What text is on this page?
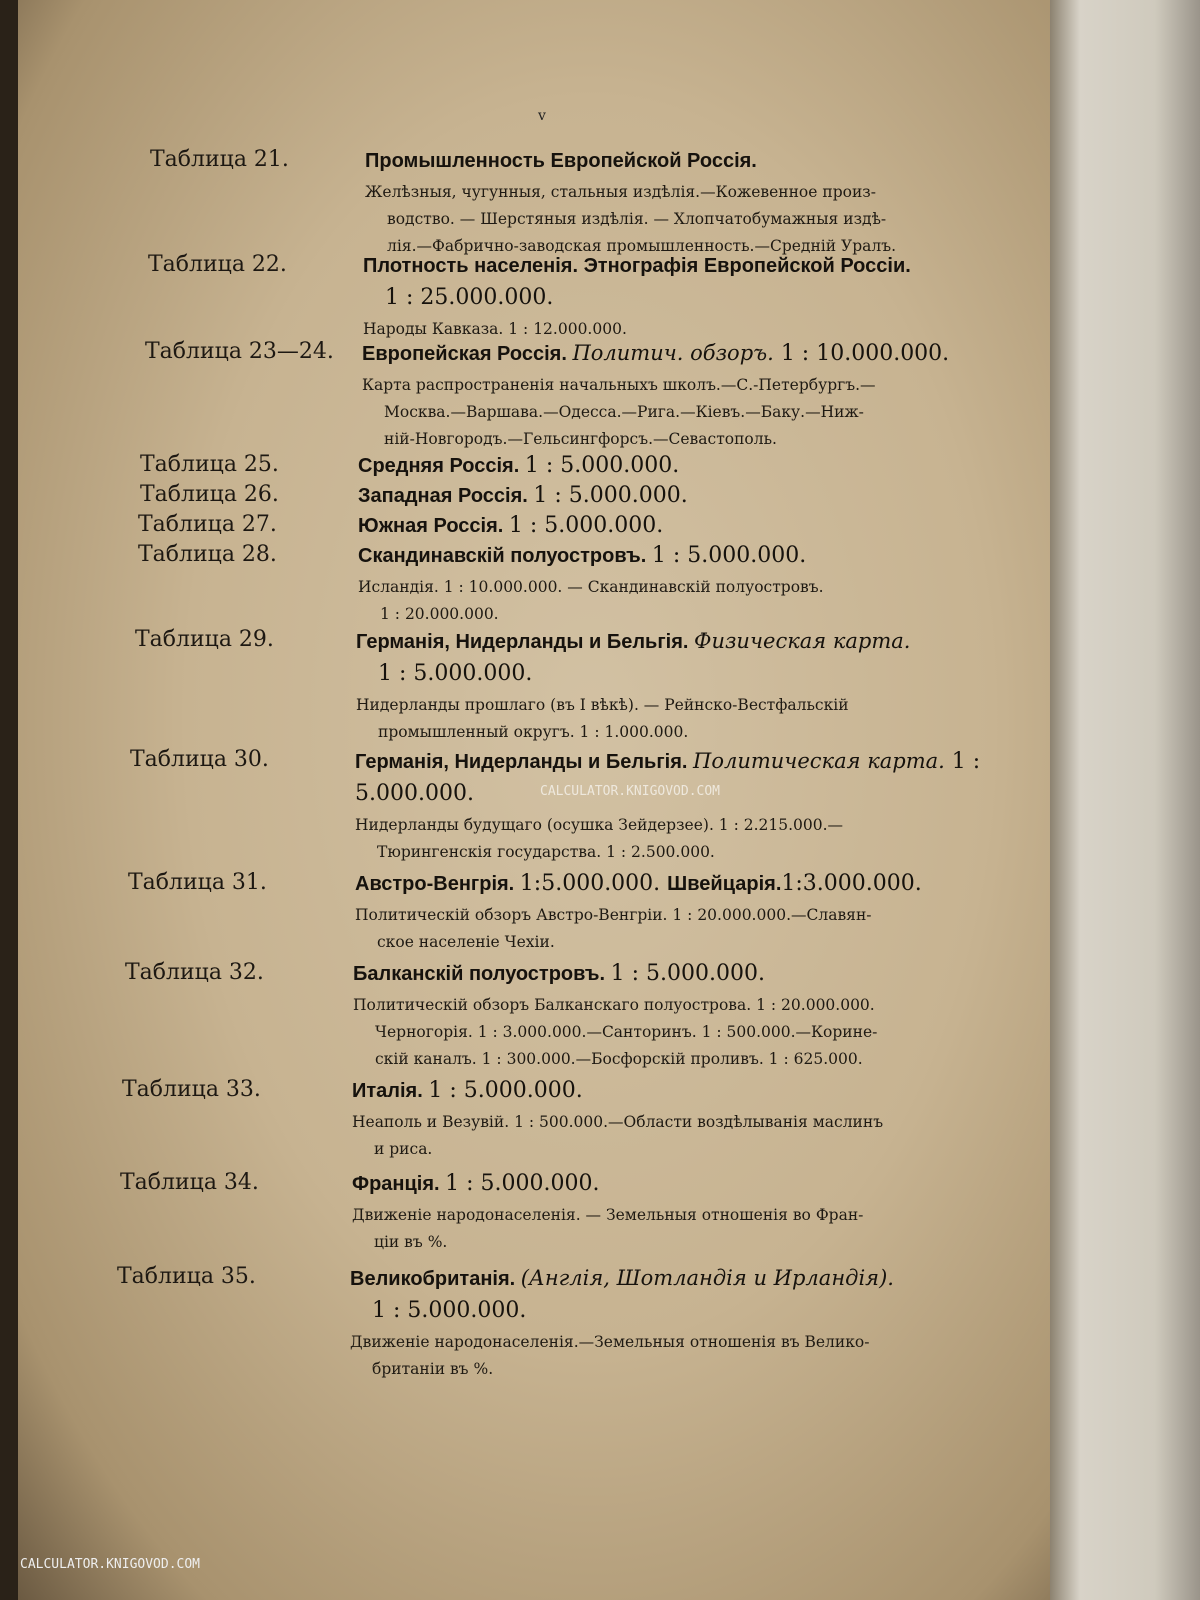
v
Таблица 21.	Промышленность Европейской Россія.
Желѣзныя, чугунныя, стальныя издѣлія.—Кожевенное произ-
водство. — Шерстяныя издѣлія. — Хлопчатобумажныя издѣ-
лія.—Фабрично-заводская промышленность.—Средній Уралъ.
Таблица 22.	Плотность населенія. Этнографія Европейской Россіи.
1 : 25.000.000.
Народы Кавказа. 1 : 12.000.000.
Таблица 23—24. Европейская Россія. Политич. обзоръ. 1 : 10.000.000.
Карта распространенія начальныхъ школъ.—С.-Петербургъ.—
Москва.—Варшава.—Одесса.—Рига.—Кіевъ.—Баку.—Ниж-
ній-Новгородъ.—Гельсингфорсъ.—Севастополь.
Таблица 25.	Средняя Россія. 1 : 5.000.000.
Таблица 26.	Западная Россія. 1 : 5.000.000.
Таблица 27.	Южная Россія. 1 : 5.000.000.
Таблица 28.	Скандинавскій полуостровъ. 1 : 5.000.000.
Исландія. 1 : 10.000.000. — Скандинавскій полуостровъ.
1 : 20.000.000.
Таблица 29.	Германія, Нидерланды и Бельгія. Физическая карта.
1 : 5.000.000.
Нидерланды прошлаго (въ I вѣкѣ). — Рейнско-Вестфальскій
промышленный округъ. 1 : 1.000.000.
Таблица 30.	Германія, Нидерланды и Бельгія. Политическая карта. 1 : 5.000.000.
Нидерланды будущаго (осушка Зейдерзее). 1 : 2.215.000.—
Тюрингенскія государства. 1 : 2.500.000.
Таблица 31.	Австро-Венгрія. 1:5.000.000. Швейцарія.1:3.000.000.
Политическій обзоръ Австро-Венгріи. 1 : 20.000.000.—Славян-
ское населеніе Чехіи.
Таблица 32.	Балканскій полуостровъ. 1 : 5.000.000.
Политическій обзоръ Балканскаго полуострова. 1 : 20.000.000.
Черногорія. 1 : 3.000.000.—Санторинъ. 1 : 500.000.—Корине-
скій каналъ. 1 : 300.000.—Босфорскій проливъ. 1 : 625.000.
Таблица 33.	Италія. 1 : 5.000.000.
Неаполь и Везувій. 1 : 500.000.—Области воздѣлыванія маслинъ
и риса.
Таблица 34.	Франція. 1 : 5.000.000.
Движеніе народонаселенія. — Земельныя отношенія во Фран-
ціи въ %.
Таблица 35.	Великобританія. (Англія, Шотландія и Ирландія).
1 : 5.000.000.
Движеніе народонаселенія.—Земельныя отношенія въ Велико-
британіи въ %.
CALCULATOR.KNIGOVOD.COM
CALCULATOR.KNIGOVOD.COM
